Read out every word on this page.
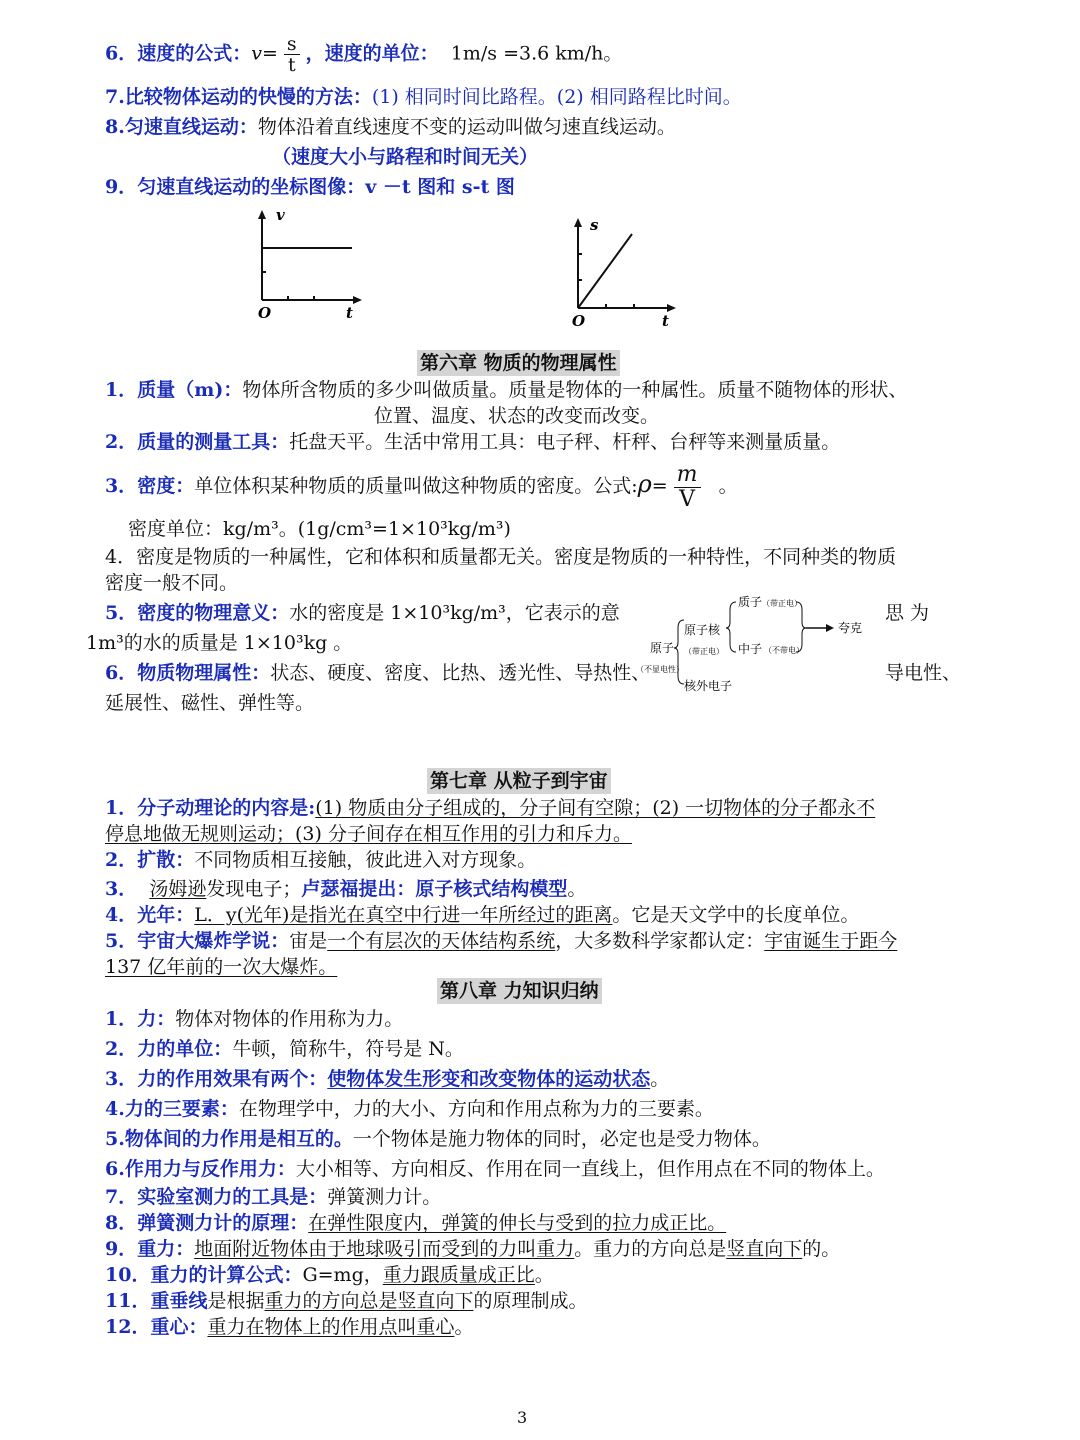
6．速度的公式：$v= \frac{s}{t}$ ，速度的单位： 1m/s =3.6 km/h。
7.比较物体运动的快慢的方法：(1) 相同时间比路程。(2) 相同路程比时间。
8.匀速直线运动：物体沿着直线速度不变的运动叫做匀速直线运动。
（速度大小与路程和时间无关）
9．匀速直线运动的坐标图像：v －t 图和 s-t 图
v
t
O
s
t
O
第六章 物质的物理属性
1．质量（m)：物体所含物质的多少叫做质量。质量是物体的一种属性。质量不随物体的形状、
位置、温度、状态的改变而改变。
2．质量的测量工具：托盘天平。生活中常用工具：电子秤、杆秤、台秤等来测量质量。
3．密度：单位体积某种物质的质量叫做这种物质的密度。公式:ρ= $\frac{m}{V}$ 。
密度单位：kg/m³。(1g/cm³=1×10³kg/m³)
4．密度是物质的一种属性，它和体积和质量都无关。密度是物质的一种特性，不同种类的物质
密度一般不同。
5．密度的物理意义：水的密度是 1×10³kg/m³，它表示的意	思 为
1m³的水的质量是 1×10³kg 。
6．物质物理属性：状态、硬度、密度、比热、透光性、导热性、	导电性、
延展性、磁性、弹性等。
质子 （带正电）
中子 （不带电）
原子核
（带正电）
夸克
原子
（不显电性）
核外电子
第七章 从粒子到宇宙
1．分子动理论的内容是:(1) 物质由分子组成的，分子间有空隙；(2) 一切物体的分子都永不
停息地做无规则运动；(3) 分子间存在相互作用的引力和斥力。
2．扩散：不同物质相互接触，彼此进入对方现象。
3． 汤姆逊发现电子；卢瑟福提出：原子核式结构模型。
4．光年：L．y(光年)是指光在真空中行进一年所经过的距离。它是天文学中的长度单位。
5．宇宙大爆炸学说：宙是一个有层次的天体结构系统，大多数科学家都认定：宇宙诞生于距今
137 亿年前的一次大爆炸。
第八章 力知识归纳
1．力：物体对物体的作用称为力。
2．力的单位：牛顿，简称牛，符号是 N。
3．力的作用效果有两个：使物体发生形变和改变物体的运动状态。
4.力的三要素：在物理学中，力的大小、方向和作用点称为力的三要素。
5.物体间的力作用是相互的。一个物体是施力物体的同时，必定也是受力物体。
6.作用力与反作用力：大小相等、方向相反、作用在同一直线上，但作用点在不同的物体上。
7．实验室测力的工具是：弹簧测力计。
8．弹簧测力计的原理：在弹性限度内，弹簧的伸长与受到的拉力成正比。
9．重力：地面附近物体由于地球吸引而受到的力叫重力。重力的方向总是竖直向下的。
10．重力的计算公式：G=mg，重力跟质量成正比。
11．重垂线是根据重力的方向总是竖直向下的原理制成。
12．重心：重力在物体上的作用点叫重心。
3
